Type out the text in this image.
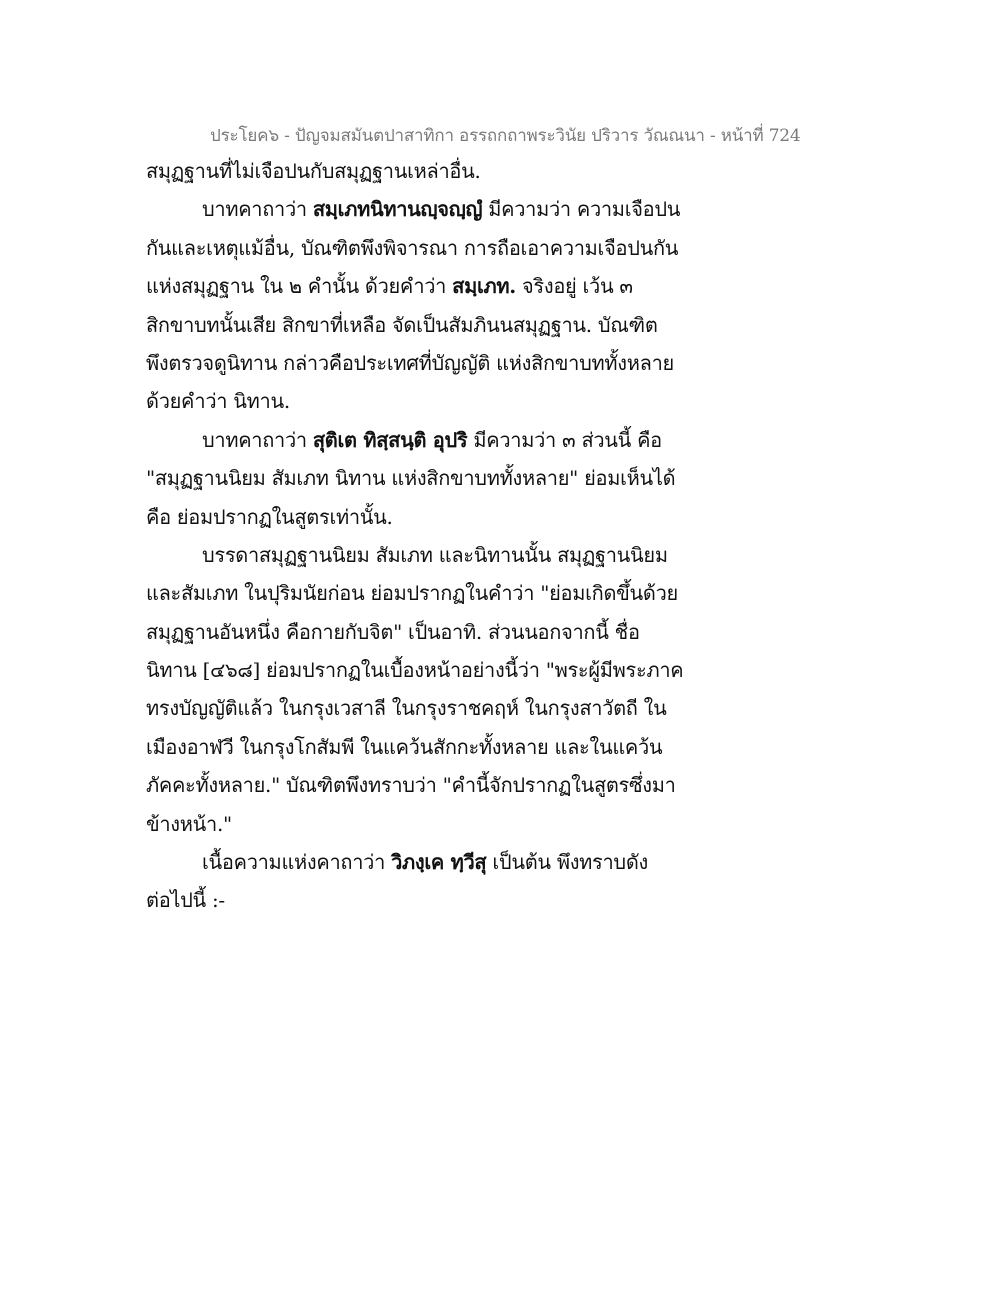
ประโยค๖ - ปัญจมสมันตปาสาทิกา อรรถกถาพระวินัย ปริวาร วัณณนา - หน้าที่ 724
สมุฏฐานที่ไม่เจือปนกับสมุฏฐานเหล่าอื่น.
บาทคาถาว่า สมฺเภทนิทานญฺจญฺญํ มีความว่า ความเจือปน
กันและเหตุแม้อื่น, บัณฑิตพึงพิจารณา การถือเอาความเจือปนกัน
แห่งสมุฏฐาน ใน ๒ คำนั้น ด้วยคำว่า สมฺเภท. จริงอยู่ เว้น ๓
สิกขาบทนั้นเสีย สิกขาที่เหลือ จัดเป็นสัมภินนสมุฏฐาน. บัณฑิต
พึงตรวจดูนิทาน กล่าวคือประเทศที่บัญญัติ แห่งสิกขาบททั้งหลาย
ด้วยคำว่า นิทาน.
บาทคาถาว่า สุติเต ทิสฺสนฺติ อุปริ มีความว่า ๓ ส่วนนี้ คือ
"สมุฏฐานนิยม สัมเภท นิทาน แห่งสิกขาบททั้งหลาย" ย่อมเห็นได้
คือ ย่อมปรากฏในสูตรเท่านั้น.
บรรดาสมุฏฐานนิยม สัมเภท และนิทานนั้น สมุฏฐานนิยม
และสัมเภท ในปุริมนัยก่อน ย่อมปรากฏในคำว่า "ย่อมเกิดขึ้นด้วย
สมุฏฐานอันหนึ่ง คือกายกับจิต" เป็นอาทิ. ส่วนนอกจากนี้ ชื่อ
นิทาน [๔๖๘] ย่อมปรากฏในเบื้องหน้าอย่างนี้ว่า "พระผู้มีพระภาค
ทรงบัญญัติแล้ว ในกรุงเวสาลี ในกรุงราชคฤห์ ในกรุงสาวัตถี ใน
เมืองอาฬวี ในกรุงโกสัมพี ในแคว้นสักกะทั้งหลาย และในแคว้น
ภัคคะทั้งหลาย." บัณฑิตพึงทราบว่า "คำนี้จักปรากฏในสูตรซึ่งมา
ข้างหน้า."
เนื้อความแห่งคาถาว่า วิภงฺเค ทฺวีสุ เป็นต้น พึงทราบดัง
ต่อไปนี้ :-
